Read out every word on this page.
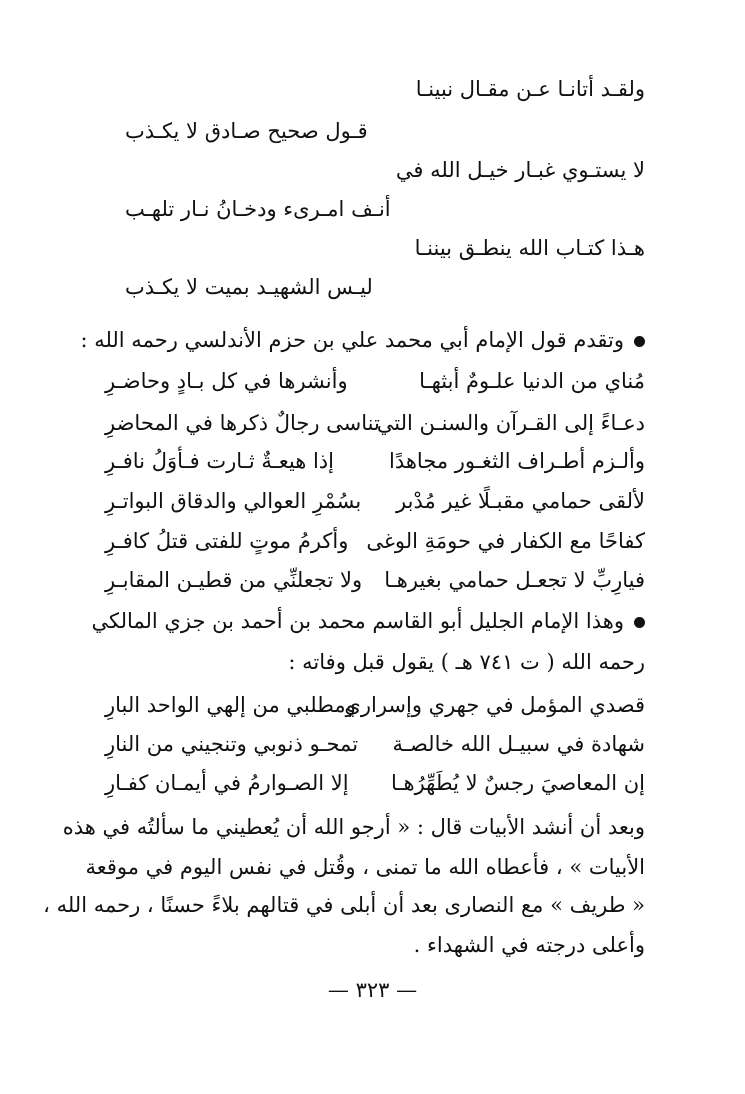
ولقـد أتانـا عـن مقـال نبينـا
قـول صحيح صـادق لا يكـذب
لا يستـوي غبـار خيـل الله في
أنـف امـرىء ودخـانُ نـار تلهـب
هـذا كتـاب الله ينطـق بيننـا
ليـس الشهيـد بميت لا يكـذب
وتقدم قول الإمام أبي محمد علي بن حزم الأندلسي رحمه الله :
مُناي من الدنيا علـومٌ أبثهـا
وأنشرها في كل بـادٍ وحاضـرِ
دعـاءً إلى القـرآن والسنـن التي
تناسى رجالٌ ذكرها في المحاضرِ
وألـزم أطـراف الثغـور مجاهدًا
إذا هيعـةٌ ثـارت فـأوَلُ نافـرِ
لألقى حمامي مقبـلًا غير مُدْبر
بسُمْرِ العوالي والدقاق البواتـرِ
كفاحًا مع الكفار في حومَةِ الوغى
وأكرمُ موتٍ للفتى قتلُ كافـرِ
فيارِبِّ لا تجعـل حمامي بغيرهـا
ولا تجعلنِّي من قطيـن المقابـرِ
وهذا الإمام الجليل أبو القاسم محمد بن أحمد بن جزي المالكي
رحمه الله ( ت ٧٤١ هـ ) يقول قبل وفاته :
قصدي المؤمل في جهري وإسراري
ومطلبي من إلهي الواحد البارِ
شهادة في سبيـل الله خالصـة
تمحـو ذنوبي وتنجيني من النارِ
إن المعاصيَ رجسٌ لا يُطَهِّرُهـا
إلا الصـوارمُ في أيمـان كفـارِ
وبعد أن أنشد الأبيات قال : « أرجو الله أن يُعطيني ما سألتُه في هذه
الأبيات » ، فأعطاه الله ما تمنى ، وقُتل في نفس اليوم في موقعة
« طريف » مع النصارى بعد أن أبلى في قتالهم بلاءً حسنًا ، رحمه الله ،
وأعلى درجته في الشهداء .
— ٣٢٣ —
